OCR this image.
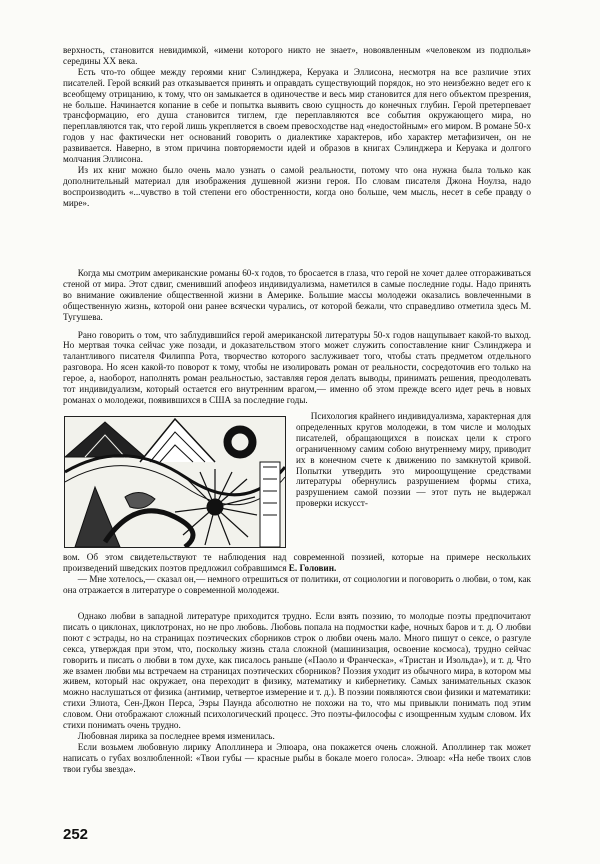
верхность, становится невидимкой, «имени которого никто не знает», новоявленным «человеком из подполья» середины XX века.

Есть что-то общее между героями книг Сэлинджера, Керуака и Эллисона, несмотря на все различие этих писателей. Герой всякий раз отказывается принять и оправдать существующий порядок, но это неизбежно ведет его к всеобщему отрицанию, к тому, что он замыкается в одиночестве и весь мир становится для него объектом презрения, не больше. Начинается копание в себе и попытка выявить свою сущность до конечных глубин. Герой претерпевает трансформацию, его душа становится тиглем, где переплавляются все события окружающего мира, но переплавляются так, что герой лишь укрепляется в своем превосходстве над «недостойным» его миром. В романе 50-х годов у нас фактически нет оснований говорить о диалектике характеров, ибо характер метафизичен, он не развивается. Наверно, в этом причина повторяемости идей и образов в книгах Сэлинджера и Керуака и долгого молчания Эллисона.

Из их книг можно было очень мало узнать о самой реальности, потому что она нужна была только как дополнительный материал для изображения душевной жизни героя. По словам писателя Джона Ноулза, надо воспроизводить «...чувство в той степени его обостренности, когда оно больше, чем мысль, несет в себе правду о мире».

Когда мы смотрим американские романы 60-х годов, то бросается в глаза, что герой не хочет далее отгораживаться стеной от мира. Этот сдвиг, сменивший апофеоз индивидуализма, наметился в самые последние годы. Надо принять во внимание оживление общественной жизни в Америке. Большие массы молодежи оказались вовлеченными в общественную жизнь, которой они ранее всячески чурались, от которой бежали, что справедливо отметила здесь М. Тугушева.

Рано говорить о том, что заблудившийся герой американской литературы 50-х годов нащупывает какой-то выход. Но мертвая точка сейчас уже позади, и доказательством этого может служить сопоставление книг Сэлинджера и талантливого писателя Филиппа Рота, творчество которого заслуживает того, чтобы стать предметом отдельного разговора. Но ясен какой-то поворот к тому, чтобы не изолировать роман от реальности, сосредоточив его только на герое, а, наоборот, наполнять роман реальностью, заставляя героя делать выводы, принимать решения, преодолевать тот индивидуализм, который остается его внутренним врагом,— именно об этом прежде всего идет речь в новых романах о молодежи, появившихся в США за последние годы.

Психология крайнего индивидуализма, характерная для определенных кругов молодежи, в том числе и молодых писателей, обращающихся в поисках цели к строго ограниченному самим собою внутреннему миру, приводит их в конечном счете к движению по замкнутой кривой. Попытки утвердить это мироощущение средствами литературы обернулись разрушением формы стиха, разрушением самой поэзии — этот путь не выдержал проверки искусст-

вом. Об этом свидетельствуют те наблюдения над современной поэзией, которые на примере нескольких произведений шведских поэтов предложил собравшимся Е. Головин.

— Мне хотелось,— сказал он,— немного отрешиться от политики, от социологии и поговорить о любви, о том, как она отражается в литературе о современной молодежи.

Однако любви в западной литературе приходится трудно. Если взять поэзию, то молодые поэты предпочитают писать о циклонах, циклотронах, но не про любовь. Любовь попала на подмостки кафе, ночных баров и т. д. О любви поют с эстрады, но на страницах поэтических сборников строк о любви очень мало. Много пишут о сексе, о разгуле секса, утверждая при этом, что, поскольку жизнь стала сложной (машинизация, освоение космоса), трудно сейчас говорить и писать о любви в том духе, как писалось раньше («Паоло и Франческа», «Тристан и Изольда»), и т. д. Что же взамен любви мы встречаем на страницах поэтических сборников? Поэзия уходит из обычного мира, в котором мы живем, который нас окружает, она переходит в физику, математику и кибернетику. Самых занимательных сказок можно наслушаться от физика (антимир, четвертое измерение и т. д.). В поэзии появляются свои физики и математики: стихи Элиота, Сен-Джон Перса, Эзры Паунда абсолютно не похожи на то, что мы привыкли понимать под этим словом. Они отображают сложный психологический процесс. Это поэты-философы с изощренным худым словом. Их стихи понимать очень трудно.

Любовная лирика за последнее время изменилась.

Если возьмем любовную лирику Аполлинера и Элюара, она покажется очень сложной. Аполлинер так может написать о губах возлюбленной: «Твои губы — красные рыбы в бокале моего голоса». Элюар: «На небе твоих слов твои губы звезда».

252
